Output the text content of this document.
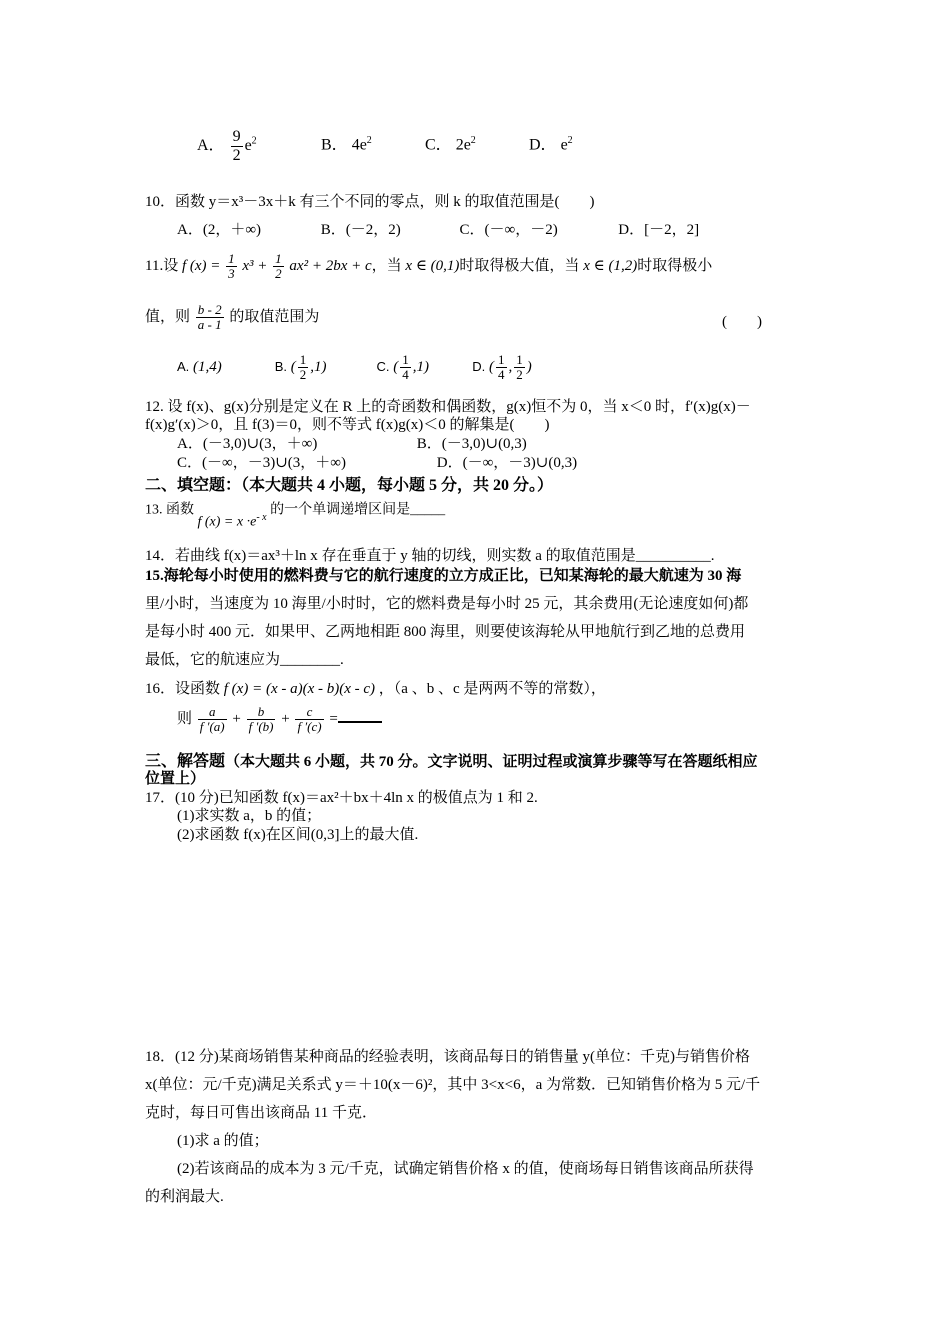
A． $\frac{9}{2} e^2$	B． $4e^2$	C． $2e^2$	D． $e^2$
10．函数 y＝x³－3x＋k 有三个不同的零点，则 k 的取值范围是(　　)
A．(2，＋∞)	B．(－2，2)	C．(－∞，－2)	D．[－2，2]
11.设 f $(x) = \frac{1}{3} x^3 + \frac{1}{2} ax^2 + 2bx + c$，当 x ∈ (0,1)时取得极大值，当 x ∈ (1,2)时取得极小
值，则 $\frac{b - 2}{a - 1}$ 的取值范围为	(　　)
A. (1,4)	B. ( $\frac{1}{2} ,1$)	C. ( $\frac{1}{4} ,1$)	D. ( $\frac{1}{4}$ , $\frac{1}{2}$ )
12. 设 f(x)、g(x)分别是定义在 R 上的奇函数和偶函数，g(x)恒不为 0，当 x＜0 时，f′(x)g(x)－
f(x)g′(x)＞0，且 f(3)＝0，则不等式 f(x)g(x)＜0 的解集是(　　)
A．(－3,0)∪(3，＋∞)	B．(－3,0)∪(0,3)
C．(－∞，－3)∪(3，＋∞)	D．(－∞，－3)∪(0,3)
二、填空题：（本大题共 4 小题，每小题 5 分，共 20 分。）
13. 函数 f $(x) = x \cdot e^{- x}$ 的一个单调递增区间是_____
14．若曲线 f(x)＝ax³＋ln x 存在垂直于 y 轴的切线，则实数 a 的取值范围是__________.
15.海轮每小时使用的燃料费与它的航行速度的立方成正比，已知某海轮的最大航速为 30 海
里/小时，当速度为 10 海里/小时时，它的燃料费是每小时 25 元，其余费用(无论速度如何)都
是每小时 400 元．如果甲、乙两地相距 800 海里，则要使该海轮从甲地航行到乙地的总费用
最低，它的航速应为________.
16．设函数 f (x) = (x - a)(x - b)(x - c) ，（a 、b 、c 是两两不等的常数），
则 $\frac{a}{f '(a)} + \frac{b}{f '(b)} + \frac{c}{f '(c)}$ =
三、解答题（本大题共 6 小题，共 70 分。文字说明、证明过程或演算步骤等写在答题纸相应
位置上）
17．(10 分)已知函数 f(x)＝ax²＋bx＋4ln x 的极值点为 1 和 2.
(1)求实数 a，b 的值；
(2)求函数 f(x)在区间(0,3]上的最大值.
18．(12 分)某商场销售某种商品的经验表明，该商品每日的销售量 y(单位：千克)与销售价格
x(单位：元/千克)满足关系式 y＝＋10(x－6)²，其中 3<x<6，a 为常数．已知销售价格为 5 元/千
克时，每日可售出该商品 11 千克．
(1)求 a 的值；
(2)若该商品的成本为 3 元/千克，试确定销售价格 x 的值，使商场每日销售该商品所获得
的利润最大.
